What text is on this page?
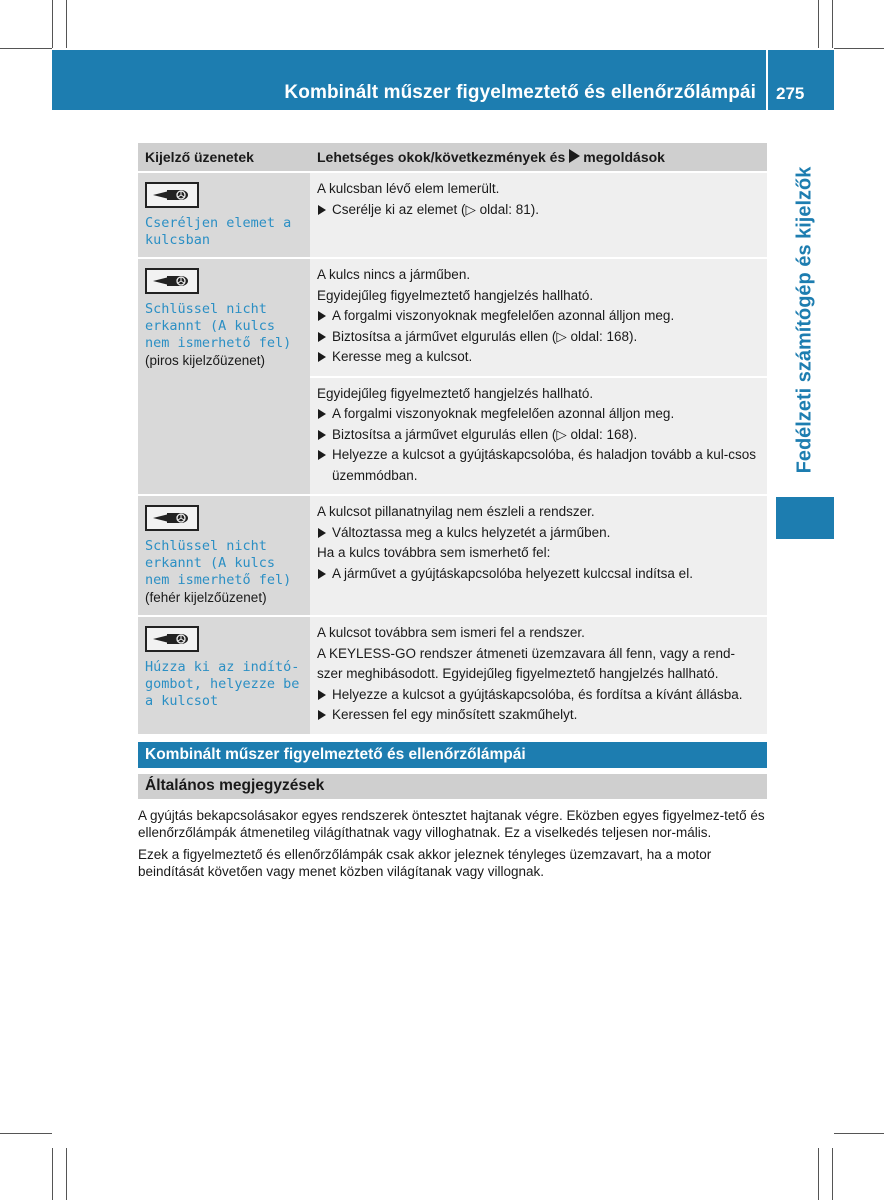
Kombinált műszer figyelmeztető és ellenőrzőlámpái 275
Fedélzeti számítógép és kijelzők
Kijelző üzenetek	Lehetséges okok/következmények és megoldások

Cseréljen elemet a kulcsban	A kulcsban lévő elem lemerült.
Cserélje ki az elemet (▷ oldal: 81).

Schlüssel nicht erkannt (A kulcs nem ismerhető fel)
(piros kijelzőüzenet)	A kulcs nincs a járműben.
Egyidejűleg figyelmeztető hangjelzés hallható.
A forgalmi viszonyoknak megfelelően azonnal álljon meg.
Biztosítsa a járművet elgurulás ellen (▷ oldal: 168).
Keresse meg a kulcsot.

	Egyidejűleg figyelmeztető hangjelzés hallható.
A forgalmi viszonyoknak megfelelően azonnal álljon meg.
Biztosítsa a járművet elgurulás ellen (▷ oldal: 168).
Helyezze a kulcsot a gyújtáskapcsolóba, és haladjon tovább a kul-csos üzemmódban.

Schlüssel nicht erkannt (A kulcs nem ismerhető fel)
(fehér kijelzőüzenet)	A kulcsot pillanatnyilag nem észleli a rendszer.
Változtassa meg a kulcs helyzetét a járműben.
Ha a kulcs továbbra sem ismerhető fel:
A járművet a gyújtáskapcsolóba helyezett kulccsal indítsa el.

Húzza ki az indító-gombot, helyezze be a kulcsot	A kulcsot továbbra sem ismeri fel a rendszer.
A KEYLESS-GO rendszer átmeneti üzemzavara áll fenn, vagy a rend-szer meghibásodott. Egyidejűleg figyelmeztető hangjelzés hallható.
Helyezze a kulcsot a gyújtáskapcsolóba, és fordítsa a kívánt állásba.
Keressen fel egy minősített szakműhelyt.
Kombinált műszer figyelmeztető és ellenőrzőlámpái
Általános megjegyzések

A gyújtás bekapcsolásakor egyes rendszerek öntesztet hajtanak végre. Eközben egyes figyelmez-tető és ellenőrzőlámpák átmenetileg világíthatnak vagy villoghatnak. Ez a viselkedés teljesen nor-mális.

Ezek a figyelmeztető és ellenőrzőlámpák csak akkor jeleznek tényleges üzemzavart, ha a motor beindítását követően vagy menet közben világítanak vagy villognak.
